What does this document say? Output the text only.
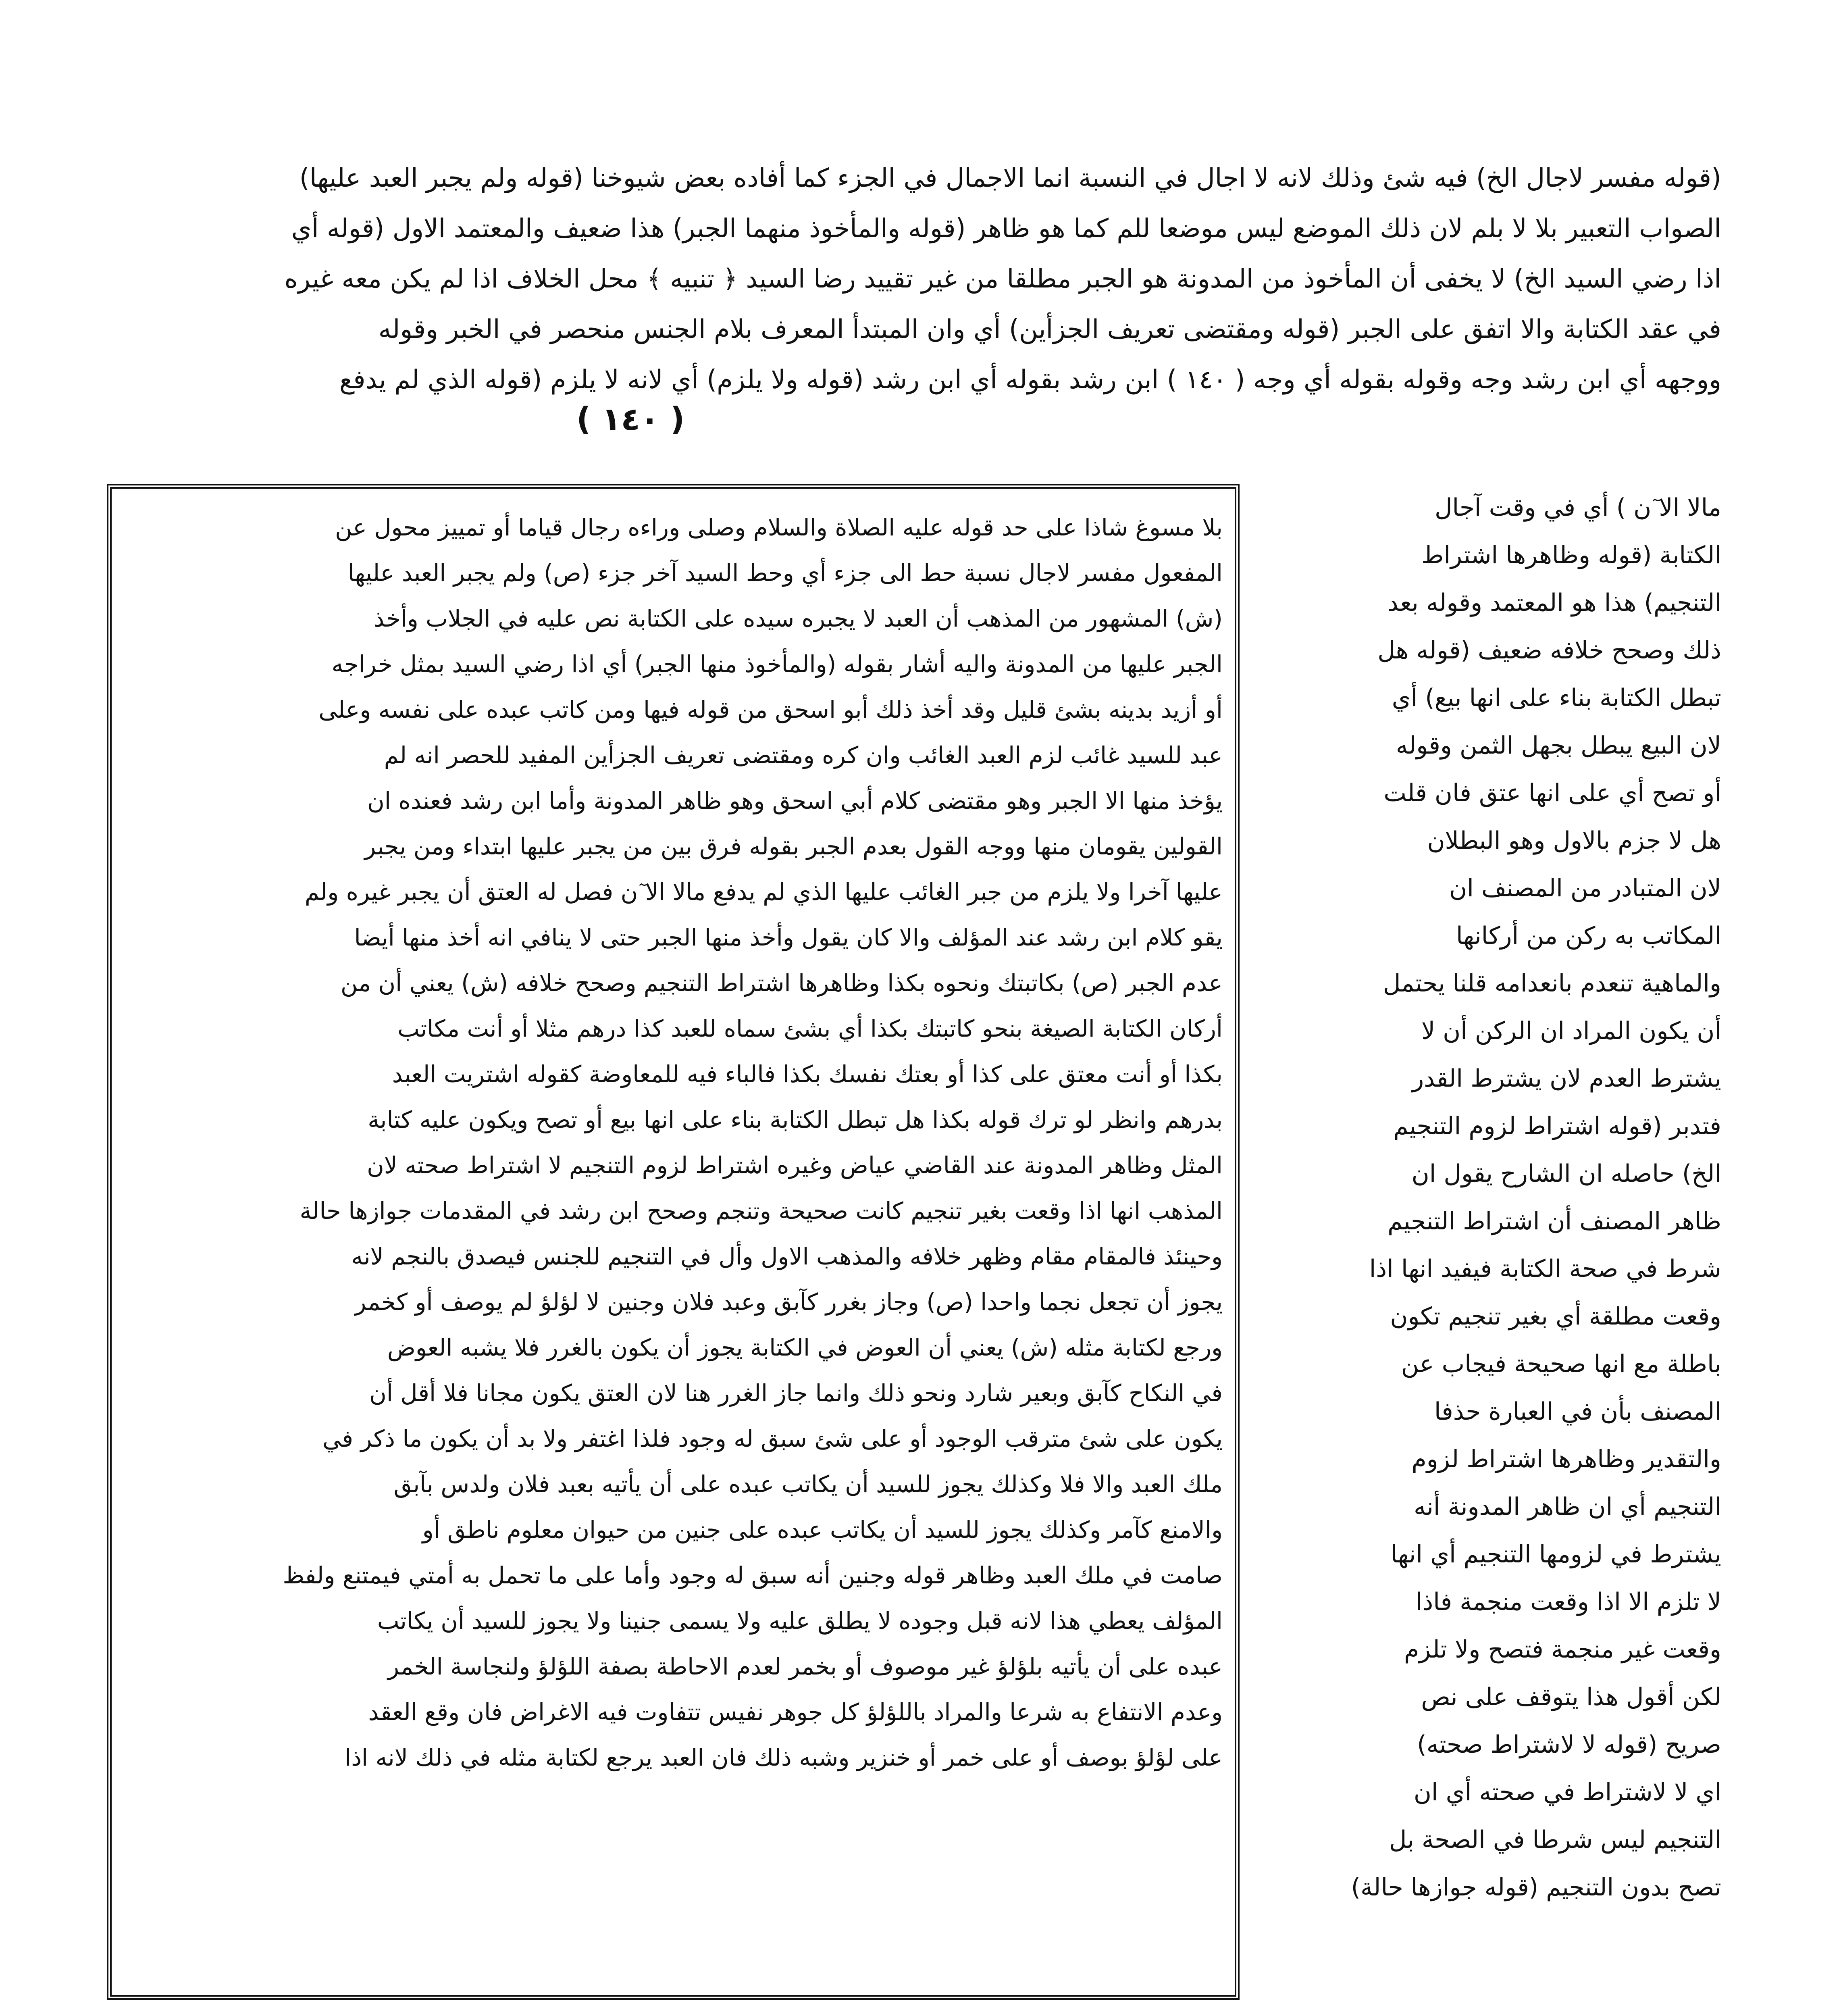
(قوله مفسر لاجال الخ) فيه شئ وذلك لانه لا اجال في النسبة انما الاجمال في الجزء كما أفاده بعض شيوخنا (قوله ولم يجبر العبد عليها)
الصواب التعبير بلا لا بلم لان ذلك الموضع ليس موضعا للم كما هو ظاهر (قوله والمأخوذ منهما الجبر) هذا ضعيف والمعتمد الاول (قوله أي
اذا رضي السيد الخ) لا يخفى أن المأخوذ من المدونة هو الجبر مطلقا من غير تقييد رضا السيد ﴿ تنبيه ﴾ محل الخلاف اذا لم يكن معه غيره
في عقد الكتابة والا اتفق على الجبر (قوله ومقتضى تعريف الجزأين) أي وان المبتدأ المعرف بلام الجنس منحصر في الخبر وقوله
ووجهه أي ابن رشد وجه وقوله بقوله أي وجه ( ١٤٠ ) ابن رشد بقوله أي ابن رشد (قوله ولا يلزم) أي لانه لا يلزم (قوله الذي لم يدفع
( ١٤٠ )
مالا الا ٓن ) أي في وقت آجال
الكتابة (قوله وظاهرها اشتراط
التنجيم) هذا هو المعتمد وقوله بعد
ذلك وصحح خلافه ضعيف (قوله هل
تبطل الكتابة بناء على انها بيع) أي
لان البيع يبطل بجهل الثمن وقوله
أو تصح أي على انها عتق فان قلت
هل لا جزم بالاول وهو البطلان
لان المتبادر من المصنف ان
المكاتب به ركن من أركانها
والماهية تنعدم بانعدامه قلنا يحتمل
أن يكون المراد ان الركن أن لا
يشترط العدم لان يشترط القدر
فتدبر (قوله اشتراط لزوم التنجيم
الخ) حاصله ان الشارح يقول ان
ظاهر المصنف أن اشتراط التنجيم
شرط في صحة الكتابة فيفيد انها اذا
وقعت مطلقة أي بغير تنجيم تكون
باطلة مع انها صحيحة فيجاب عن
المصنف بأن في العبارة حذفا
والتقدير وظاهرها اشتراط لزوم
التنجيم أي ان ظاهر المدونة أنه
يشترط في لزومها التنجيم أي انها
لا تلزم الا اذا وقعت منجمة فاذا
وقعت غير منجمة فتصح ولا تلزم
لكن أقول هذا يتوقف على نص
صريح (قوله لا لاشتراط صحته)
اي لا لاشتراط في صحته أي ان
التنجيم ليس شرطا في الصحة بل
تصح بدون التنجيم (قوله جوازها حالة)
بلا مسوغ شاذا على حد قوله عليه الصلاة والسلام وصلى وراءه رجال قياما أو تمييز محول عن
المفعول مفسر لاجال نسبة حط الى جزء أي وحط السيد آخر جزء (ص) ولم يجبر العبد عليها
(ش) المشهور من المذهب أن العبد لا يجبره سيده على الكتابة نص عليه في الجلاب وأخذ
الجبر عليها من المدونة واليه أشار بقوله (والمأخوذ منها الجبر) أي اذا رضي السيد بمثل خراجه
أو أزيد بدينه بشئ قليل وقد أخذ ذلك أبو اسحق من قوله فيها ومن كاتب عبده على نفسه وعلى
عبد للسيد غائب لزم العبد الغائب وان كره ومقتضى تعريف الجزأين المفيد للحصر انه لم
يؤخذ منها الا الجبر وهو مقتضى كلام أبي اسحق وهو ظاهر المدونة وأما ابن رشد فعنده ان
القولين يقومان منها ووجه القول بعدم الجبر بقوله فرق بين من يجبر عليها ابتداء ومن يجبر
عليها آخرا ولا يلزم من جبر الغائب عليها الذي لم يدفع مالا الا ٓن فصل له العتق أن يجبر غيره ولم
يقو كلام ابن رشد عند المؤلف والا كان يقول وأخذ منها الجبر حتى لا ينافي انه أخذ منها أيضا
عدم الجبر (ص) بكاتبتك ونحوه بكذا وظاهرها اشتراط التنجيم وصحح خلافه (ش) يعني أن من
أركان الكتابة الصيغة بنحو كاتبتك بكذا أي بشئ سماه للعبد كذا درهم مثلا أو أنت مكاتب
بكذا أو أنت معتق على كذا أو بعتك نفسك بكذا فالباء فيه للمعاوضة كقوله اشتريت العبد
بدرهم وانظر لو ترك قوله بكذا هل تبطل الكتابة بناء على انها بيع أو تصح ويكون عليه كتابة
المثل وظاهر المدونة عند القاضي عياض وغيره اشتراط لزوم التنجيم لا اشتراط صحته لان
المذهب انها اذا وقعت بغير تنجيم كانت صحيحة وتنجم وصحح ابن رشد في المقدمات جوازها حالة
وحينئذ فالمقام مقام وظهر خلافه والمذهب الاول وأل في التنجيم للجنس فيصدق بالنجم لانه
يجوز أن تجعل نجما واحدا (ص) وجاز بغرر كآبق وعبد فلان وجنين لا لؤلؤ لم يوصف أو كخمر
ورجع لكتابة مثله (ش) يعني أن العوض في الكتابة يجوز أن يكون بالغرر فلا يشبه العوض
في النكاح كآبق وبعير شارد ونحو ذلك وانما جاز الغرر هنا لان العتق يكون مجانا فلا أقل أن
يكون على شئ مترقب الوجود أو على شئ سبق له وجود فلذا اغتفر ولا بد أن يكون ما ذكر في
ملك العبد والا فلا وكذلك يجوز للسيد أن يكاتب عبده على أن يأتيه بعبد فلان ولدس بآبق
والامنع كآمر وكذلك يجوز للسيد أن يكاتب عبده على جنين من حيوان معلوم ناطق أو
صامت في ملك العبد وظاهر قوله وجنين أنه سبق له وجود وأما على ما تحمل به أمتي فيمتنع ولفظ
المؤلف يعطي هذا لانه قبل وجوده لا يطلق عليه ولا يسمى جنينا ولا يجوز للسيد أن يكاتب
عبده على أن يأتيه بلؤلؤ غير موصوف أو بخمر لعدم الاحاطة بصفة اللؤلؤ ولنجاسة الخمر
وعدم الانتفاع به شرعا والمراد باللؤلؤ كل جوهر نفيس تتفاوت فيه الاغراض فان وقع العقد
على لؤلؤ بوصف أو على خمر أو خنزير وشبه ذلك فان العبد يرجع لكتابة مثله في ذلك لانه اذا
